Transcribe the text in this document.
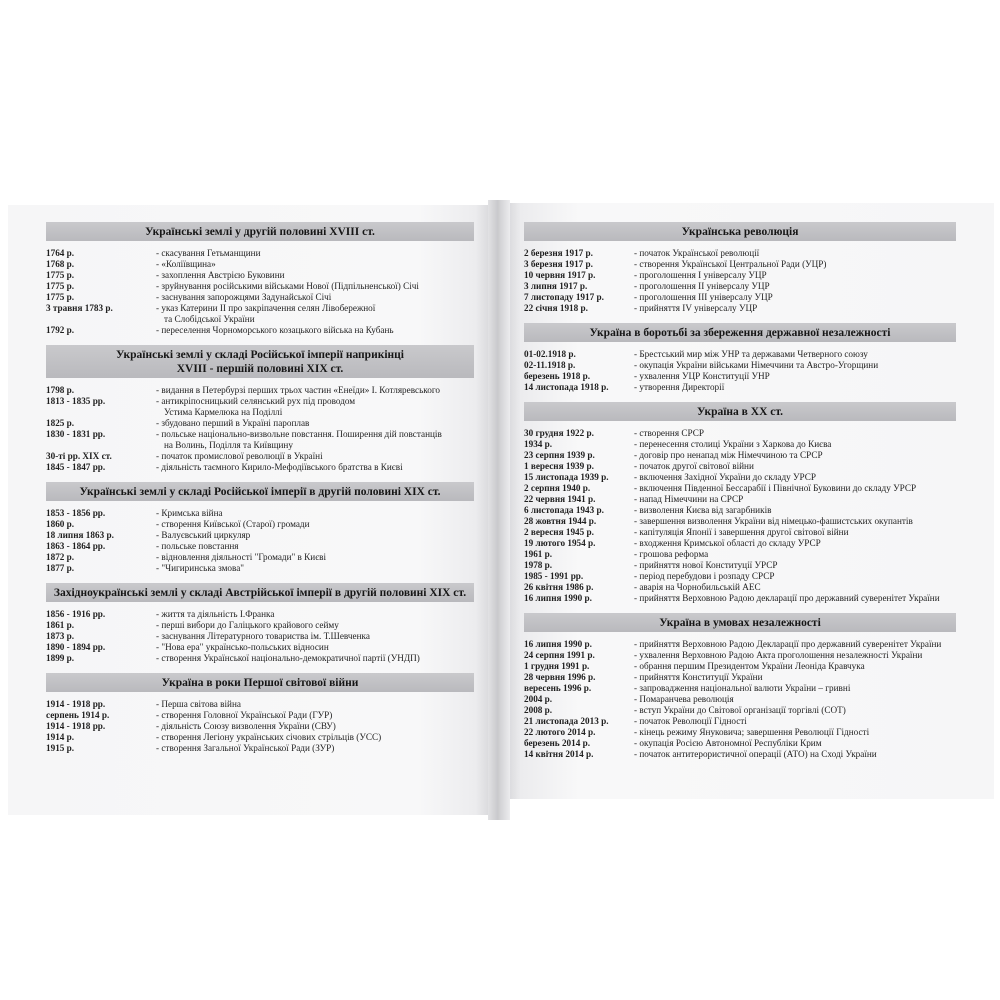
Українські землі у другій половині XVIII ст.
1764 р.	- скасування Гетьманщини
1768 р.	- «Коліївщина»
1775 р.	- захоплення Австрією Буковини
1775 р.	- зруйнування російськими військами Нової (Підпільненської) Січі
1775 р.	- заснування запорожцями Задунайської Січі
3 травня 1783 р.	- указ Катерини II про закріпачення селян Лівобережної
та Слобідської України
1792 р.	- переселення Чорноморського козацького війська на Кубань
Українські землі у складі Російської імперії наприкінці
XVIII - першій половині XIX ст.
1798 р.	- видання в Петербурзі перших трьох частин «Енеїди» І. Котляревського
1813 - 1835 рр.	- антикріпосницький селянський рух під проводом
Устима Кармелюка на Поділлі
1825 р.	- збудовано перший в Україні пароплав
1830 - 1831 рр.	- польське національно-визвольне повстання. Поширення дій повстанців
на Волинь, Поділля та Київщину
30-ті рр. XIX ст.	- початок промислової революції в Україні
1845 - 1847 рр.	- діяльність таємного Кирило-Мефодіївського братства в Києві
Українські землі у складі Російської імперії в другій половині XIX ст.
1853 - 1856 рр.	- Кримська війна
1860 р.	- створення Київської (Старої) громади
18 липня 1863 р.	- Валуєвський циркуляр
1863 - 1864 рр.	- польське повстання
1872 р.	- відновлення діяльності "Громади" в Києві
1877 р.	- "Чигиринська змова"
Західноукраїнські землі у складі Австрійської імперії в другій половині XIX ст.
1856 - 1916 рр.	- життя та діяльність І.Франка
1861 р.	- перші вибори до Галіцького крайового сейму
1873 р.	- заснування Літературного товариства ім. Т.Шевченка
1890 - 1894 рр.	- "Нова ера" українсько-польських відносин
1899 р.	- створення Української національно-демократичної партії (УНДП)
Україна в роки Першої світової війни
1914 - 1918 рр.	- Перша світова війна
серпень 1914 р.	- створення Головної Української Ради (ГУР)
1914 - 1918 рр.	- діяльність Союзу визволення України (СВУ)
1914 р.	- створення Легіону українських січових стрільців (УСС)
1915 р.	- створення Загальної Української Ради (ЗУР)
Українська революція
2 березня 1917 р.	- початок Української революції
3 березня 1917 р.	- створення Української Центральної Ради (УЦР)
10 червня 1917 р.	- проголошення І універсалу УЦР
3 липня 1917 р.	- проголошення ІІ універсалу УЦР
7 листопаду 1917 р.	- проголошення ІІІ універсалу УЦР
22 січня 1918 р.	- прийняття IV універсалу УЦР
Україна в боротьбі за збереження державної незалежності
01-02.1918 р.	- Брестський мир між УНР та державами Четверного союзу
02-11.1918 р.	- окупація України військами Німеччини та Австро-Угорщини
березень 1918 р.	- ухвалення УЦР Конституції УНР
14 листопада 1918 р.	- утворення Директорії
Україна в ХХ ст.
30 грудня 1922 р.	- створення СРСР
1934 р.	- перенесення столиці України з Харкова до Києва
23 серпня 1939 р.	- договір про ненапад між Німеччиною та СРСР
1 вересня 1939 р.	- початок другої світової війни
15 листопада 1939 р.	- включення Західної України до складу УРСР
2 серпня 1940 р.	- включення Південної Бессарабії і Північної Буковини до складу УРСР
22 червня 1941 р.	- напад Німеччини на СРСР
6 листопада 1943 р.	- визволення Києва від загарбників
28 жовтня 1944 р.	- завершення визволення України від німецько-фашистських окупантів
2 вересня 1945 р.	- капітуляція Японії і завершення другої світової війни
19 лютого 1954 р.	- входження Кримської області до складу УРСР
1961 р.	- грошова реформа
1978 р.	- прийняття нової Конституції УРСР
1985 - 1991 рр.	- період перебудови і розпаду СРСР
26 квітня 1986 р.	- аварія на Чорнобильській АЕС
16 липня 1990 р.	- прийняття Верховною Радою декларації про державний суверенітет України
Україна в умовах незалежності
16 липня 1990 р.	- прийняття Верховною Радою Декларації про державний суверенітет України
24 серпня 1991 р.	- ухвалення Верховною Радою Акта проголошення незалежності України
1 грудня 1991 р.	- обрання першим Президентом України Леоніда Кравчука
28 червня 1996 р.	- прийняття Конституції України
вересень 1996 р.	- запровадження національної валюти України – гривні
2004 р.	- Помаранчева революція
2008 р.	- вступ України до Світової організації торгівлі (СОТ)
21 листопада 2013 р.	- початок Революції Гідності
22 лютого 2014 р.	- кінець режиму Януковича; завершення Революції Гідності
березень 2014 р.	- окупація Росією Автономної Республіки Крим
14 квітня 2014 р.	- початок антитерористичної операції (АТО) на Сході України
